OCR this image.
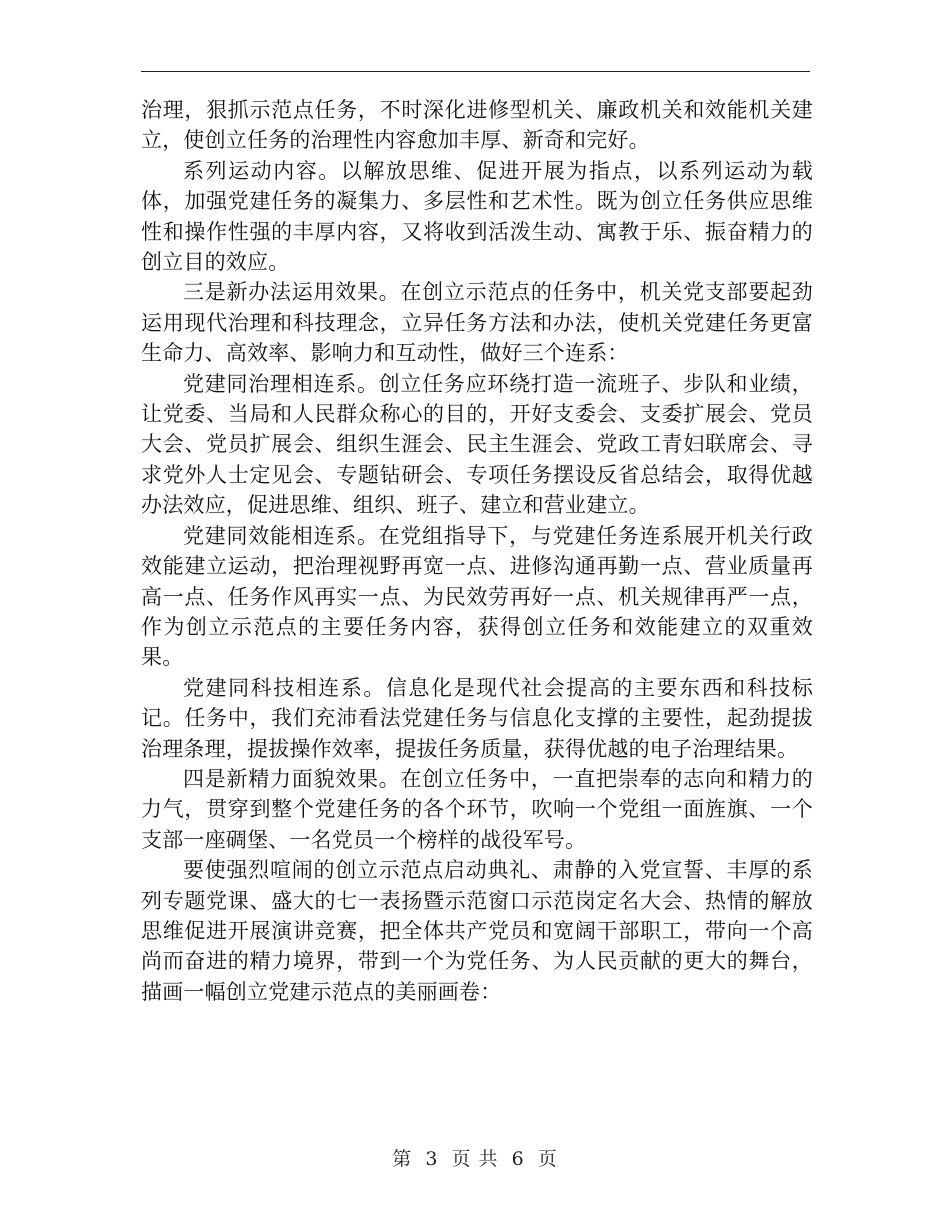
治理，狠抓示范点任务，不时深化进修型机关、廉政机关和效能机关建立，使创立任务的治理性内容愈加丰厚、新奇和完好。

系列运动内容。以解放思维、促进开展为指点，以系列运动为载体，加强党建任务的凝集力、多层性和艺术性。既为创立任务供应思维性和操作性强的丰厚内容，又将收到活泼生动、寓教于乐、振奋精力的创立目的效应。

三是新办法运用效果。在创立示范点的任务中，机关党支部要起劲运用现代治理和科技理念，立异任务方法和办法，使机关党建任务更富生命力、高效率、影响力和互动性，做好三个连系：

党建同治理相连系。创立任务应环绕打造一流班子、步队和业绩，让党委、当局和人民群众称心的目的，开好支委会、支委扩展会、党员大会、党员扩展会、组织生涯会、民主生涯会、党政工青妇联席会、寻求党外人士定见会、专题钻研会、专项任务摆设反省总结会，取得优越办法效应，促进思维、组织、班子、建立和营业建立。

党建同效能相连系。在党组指导下，与党建任务连系展开机关行政效能建立运动，把治理视野再宽一点、进修沟通再勤一点、营业质量再高一点、任务作风再实一点、为民效劳再好一点、机关规律再严一点，作为创立示范点的主要任务内容，获得创立任务和效能建立的双重效果。

党建同科技相连系。信息化是现代社会提高的主要东西和科技标记。任务中，我们充沛看法党建任务与信息化支撑的主要性，起劲提拔治理条理，提拔操作效率，提拔任务质量，获得优越的电子治理结果。

四是新精力面貌效果。在创立任务中，一直把崇奉的志向和精力的力气，贯穿到整个党建任务的各个环节，吹响一个党组一面旌旗、一个支部一座碉堡、一名党员一个榜样的战役军号。

要使强烈喧闹的创立示范点启动典礼、肃静的入党宣誓、丰厚的系列专题党课、盛大的七一表扬暨示范窗口示范岗定名大会、热情的解放思维促进开展演讲竞赛，把全体共产党员和宽阔干部职工，带向一个高尚而奋进的精力境界，带到一个为党任务、为人民贡献的更大的舞台，描画一幅创立党建示范点的美丽画卷：

第 3 页 共 6 页
